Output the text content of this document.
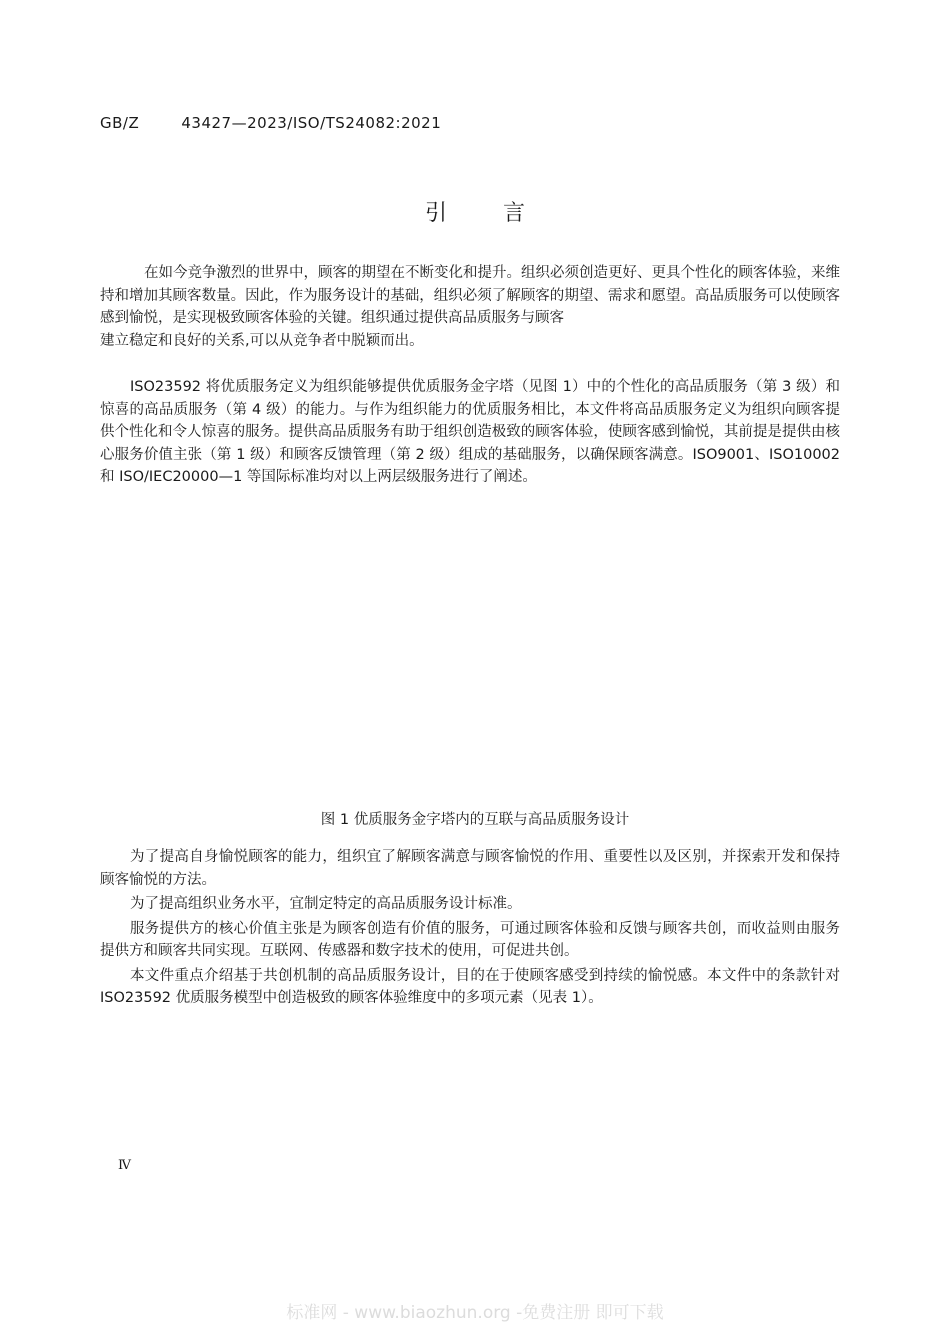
GB/Z        43427—2023/ISO/TS24082:2021
引言
在如今竞争激烈的世界中，顾客的期望在不断变化和提升。组织必须创造更好、更具个性化的顾客体验，来维持和增加其顾客数量。因此，作为服务设计的基础，组织必须了解顾客的期望、需求和愿望。高品质服务可以使顾客感到愉悦，是实现极致顾客体验的关键。组织通过提供高品质服务与顾客
建立稳定和良好的关系,可以从竞争者中脱颖而出。

ISO23592 将优质服务定义为组织能够提供优质服务金字塔（见图 1）中的个性化的高品质服务（第 3 级）和惊喜的高品质服务（第 4 级）的能力。与作为组织能力的优质服务相比，本文件将高品质服务定义为组织向顾客提供个性化和令人惊喜的服务。提供高品质服务有助于组织创造极致的顾客体验，使顾客感到愉悦，其前提是提供由核心服务价值主张（第 1 级）和顾客反馈管理（第 2 级）组成的基础服务，以确保顾客满意。ISO9001、ISO10002 和 ISO/IEC20000—1 等国际标准均对以上两层级服务进行了阐述。

图 1 优质服务金字塔内的互联与高品质服务设计

为了提高自身愉悦顾客的能力，组织宜了解顾客满意与顾客愉悦的作用、重要性以及区别，并探索开发和保持顾客愉悦的方法。

为了提高组织业务水平，宜制定特定的高品质服务设计标准。

服务提供方的核心价值主张是为顾客创造有价值的服务，可通过顾客体验和反馈与顾客共创，而收益则由服务提供方和顾客共同实现。互联网、传感器和数字技术的使用，可促进共创。

本文件重点介绍基于共创机制的高品质服务设计，目的在于使顾客感受到持续的愉悦感。本文件中的条款针对 ISO23592 优质服务模型中创造极致的顾客体验维度中的多项元素（见表 1）。

Ⅳ
标准网 - www.biaozhun.org -免费注册 即可下载
